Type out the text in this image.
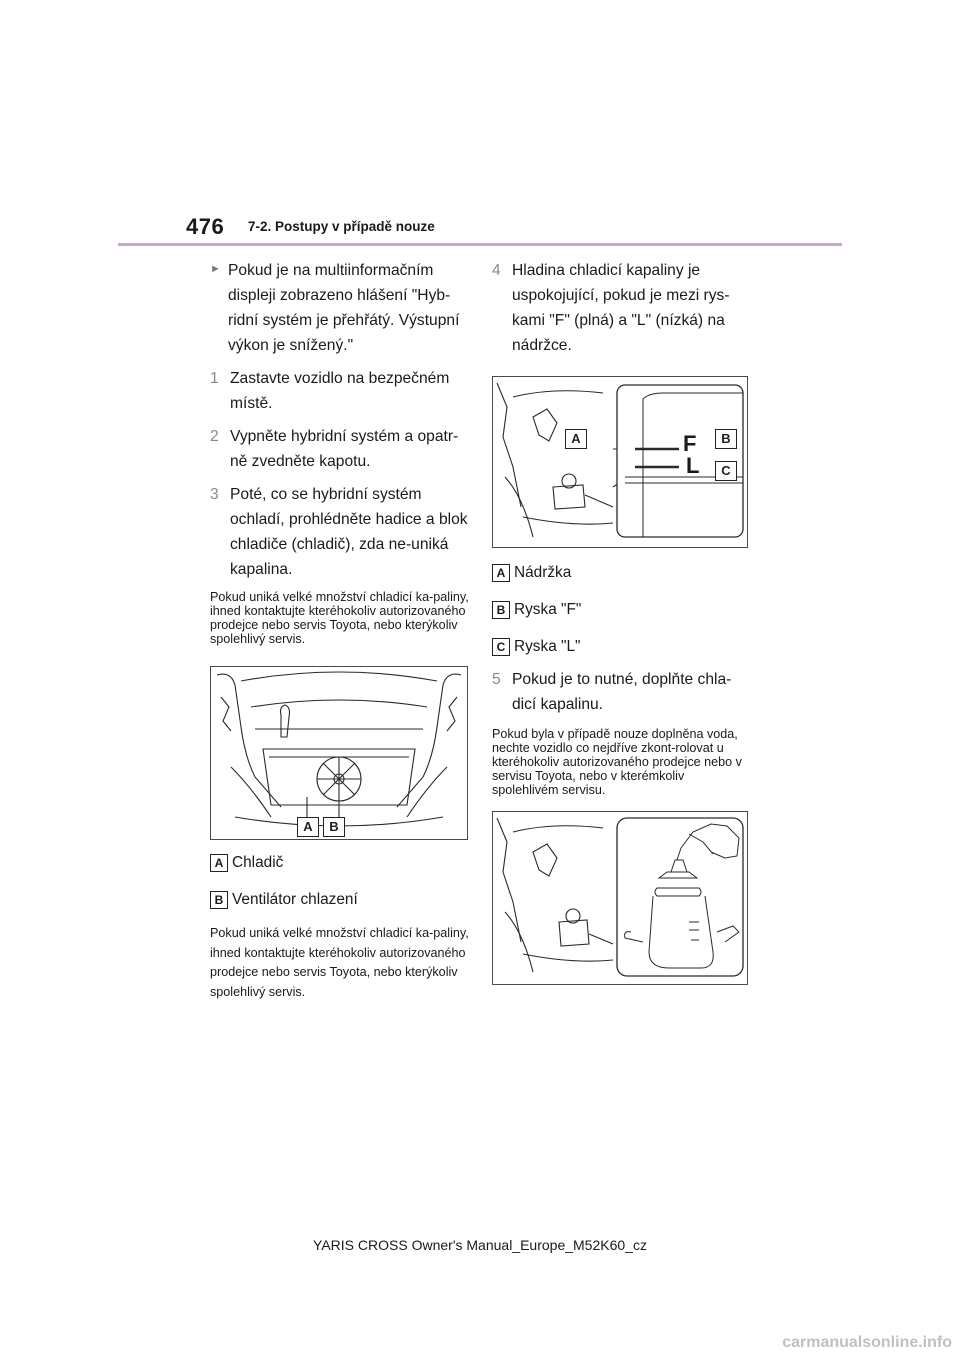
476 7-2. Postupy v případě nouze
► Pokud je na multiinformačním displeji zobrazeno hlášení "Hyb-ridní systém je přehřátý. Výstupní výkon je snížený."

1 Zastavte vozidlo na bezpečném místě.

2 Vypněte hybridní systém a opatr-ně zvedněte kapotu.

3 Poté, co se hybridní systém ochladí, prohlédněte hadice a blok chladiče (chladič), zda ne-uniká kapalina.

Pokud uniká velké množství chladicí ka-paliny, ihned kontaktujte kteréhokoliv autorizovaného prodejce nebo servis Toyota, nebo kterýkoliv spolehlivý servis.

A	B
A Chladič
B Ventilátor chlazení

Pokud uniká velké množství chladicí ka-paliny, ihned kontaktujte kteréhokoliv autorizovaného prodejce nebo servis Toyota, nebo kterýkoliv spolehlivý servis.

4 Hladina chladicí kapaliny je uspokojující, pokud je mezi rys-kami "F" (plná) a "L" (nízká) na nádržce.

F
L
A	B
C
A Nádržka
B Ryska "F"
C Ryska "L"
5 Pokud je to nutné, doplňte chla-dicí kapalinu.

Pokud byla v případě nouze doplněna voda, nechte vozidlo co nejdříve zkont-rolovat u kteréhokoliv autorizovaného prodejce nebo v servisu Toyota, nebo v kterémkoliv spolehlivém servisu.

YARIS CROSS Owner's Manual_Europe_M52K60_cz
carmanualsonline.info
